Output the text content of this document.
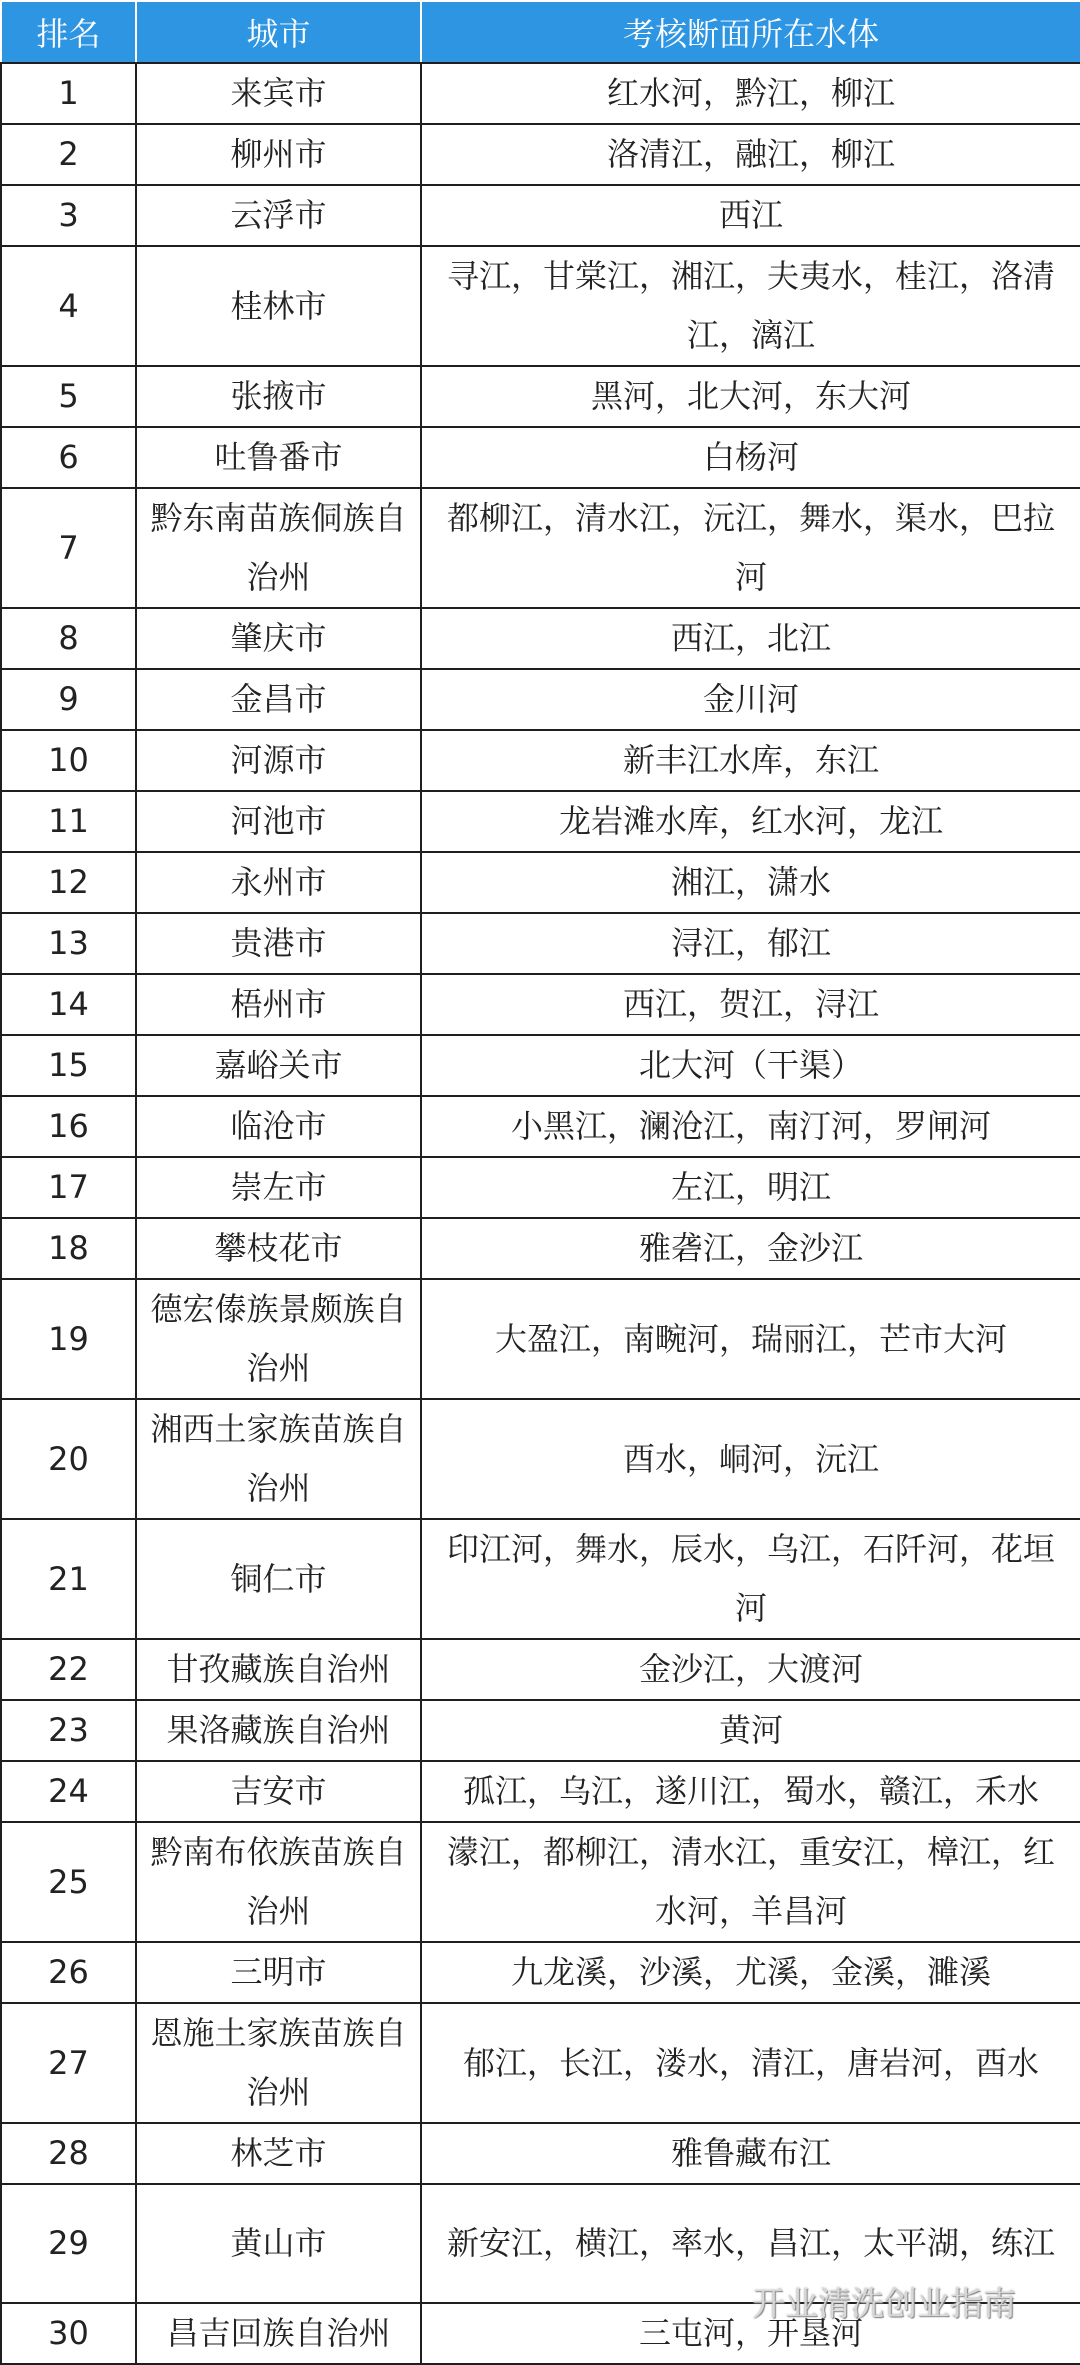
排名	城市	考核断面所在水体
1	来宾市	红水河，黔江，柳江
2	柳州市	洛清江，融江，柳江
3	云浮市	西江
4	桂林市	寻江，甘棠江，湘江，夫夷水，桂江，洛清江，漓江
5	张掖市	黑河，北大河，东大河
6	吐鲁番市	白杨河
7	黔东南苗族侗族自治州	都柳江，清水江，沅江，舞水，渠水，巴拉河
8	肇庆市	西江，北江
9	金昌市	金川河
10	河源市	新丰江水库，东江
11	河池市	龙岩滩水库，红水河，龙江
12	永州市	湘江，潇水
13	贵港市	浔江，郁江
14	梧州市	西江，贺江，浔江
15	嘉峪关市	北大河（干渠）
16	临沧市	小黑江，澜沧江，南汀河，罗闸河
17	崇左市	左江，明江
18	攀枝花市	雅砻江，金沙江
19	德宏傣族景颇族自治州	大盈江，南畹河，瑞丽江，芒市大河
20	湘西土家族苗族自治州	酉水，峒河，沅江
21	铜仁市	印江河，舞水，辰水，乌江，石阡河，花垣河
22	甘孜藏族自治州	金沙江，大渡河
23	果洛藏族自治州	黄河
24	吉安市	孤江，乌江，遂川江，蜀水，赣江，禾水
25	黔南布依族苗族自治州	濛江，都柳江，清水江，重安江，樟江，红水河，羊昌河
26	三明市	九龙溪，沙溪，尤溪，金溪，濉溪
27	恩施土家族苗族自治州	郁江，长江，溇水，清江，唐岩河，酉水
28	林芝市	雅鲁藏布江
29	黄山市	新安江，横江，率水，昌江，太平湖，练江
30	昌吉回族自治州	三屯河，开垦河
开业清洗创业指南
